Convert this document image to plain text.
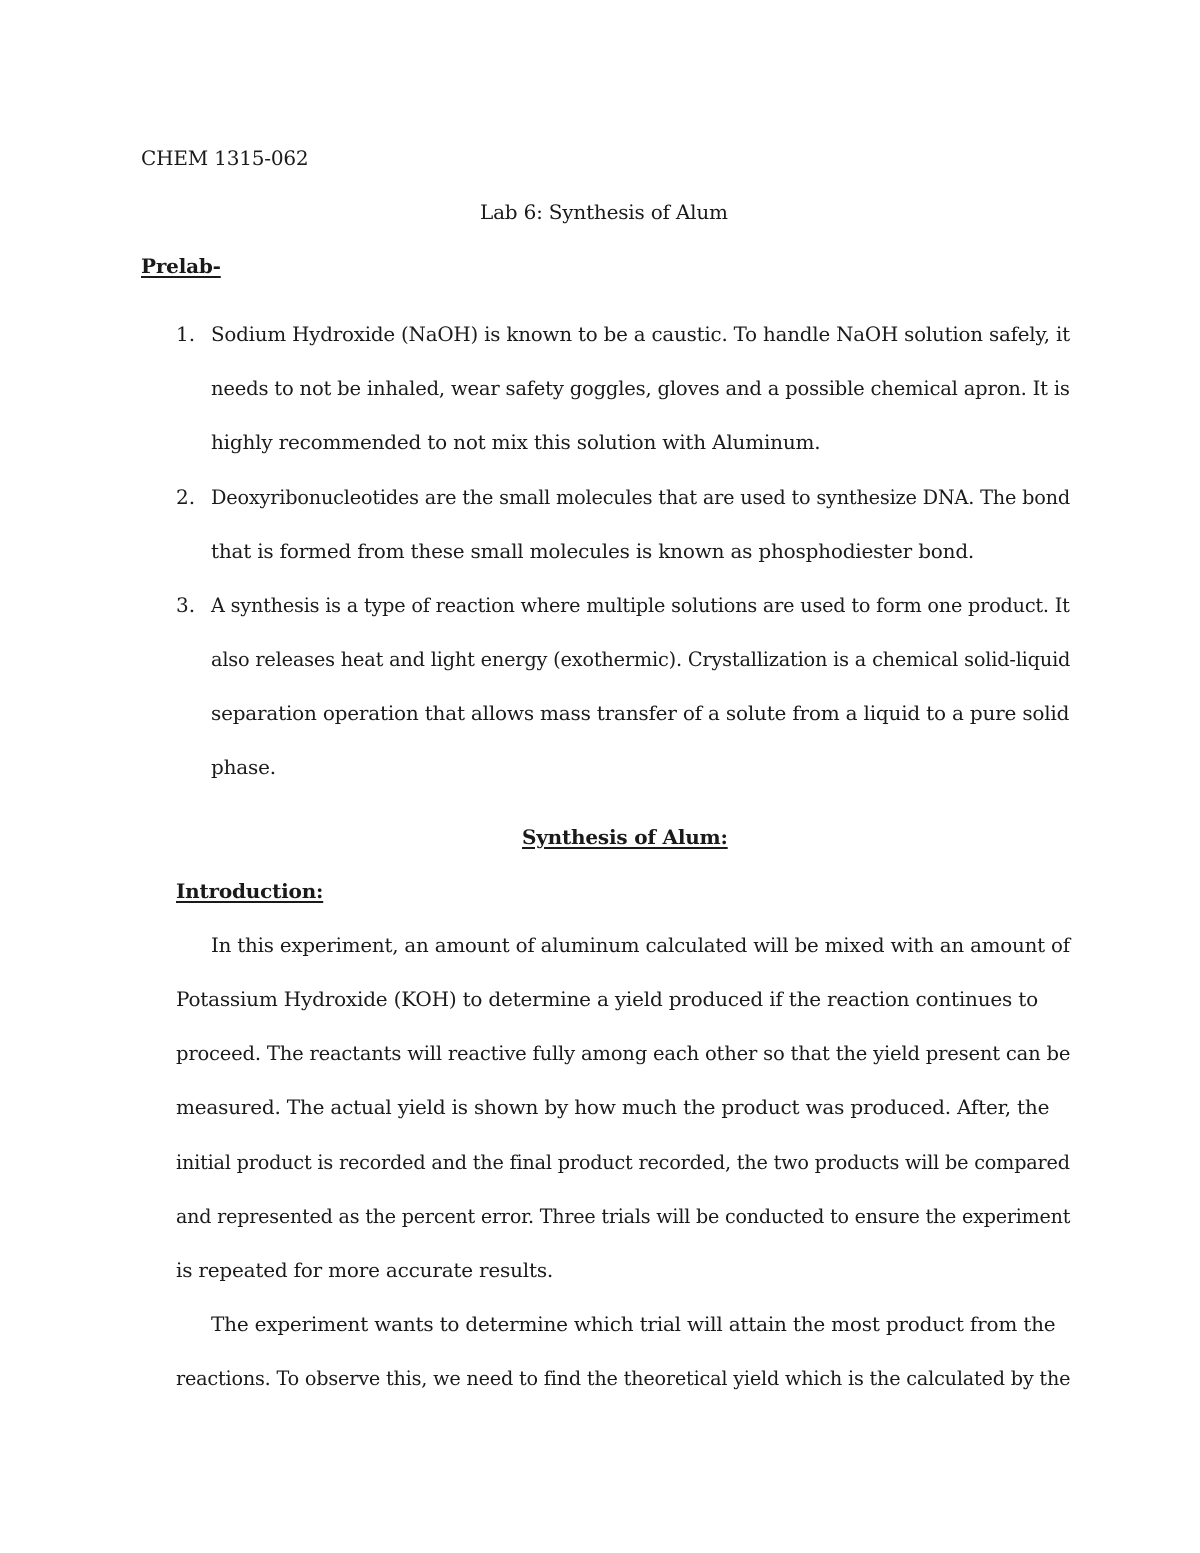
CHEM 1315-062
Lab 6: Synthesis of Alum
Prelab-
1. Sodium Hydroxide (NaOH) is known to be a caustic. To handle NaOH solution safely, it
needs to not be inhaled, wear safety goggles, gloves and a possible chemical apron. It is
highly recommended to not mix this solution with Aluminum.
2. Deoxyribonucleotides are the small molecules that are used to synthesize DNA. The bond
that is formed from these small molecules is known as phosphodiester bond.
3. A synthesis is a type of reaction where multiple solutions are used to form one product. It
also releases heat and light energy (exothermic). Crystallization is a chemical solid-liquid
separation operation that allows mass transfer of a solute from a liquid to a pure solid
phase.
Synthesis of Alum:
Introduction:
In this experiment, an amount of aluminum calculated will be mixed with an amount of
Potassium Hydroxide (KOH) to determine a yield produced if the reaction continues to
proceed. The reactants will reactive fully among each other so that the yield present can be
measured. The actual yield is shown by how much the product was produced. After, the
initial product is recorded and the final product recorded, the two products will be compared
and represented as the percent error. Three trials will be conducted to ensure the experiment
is repeated for more accurate results.
The experiment wants to determine which trial will attain the most product from the
reactions. To observe this, we need to find the theoretical yield which is the calculated by the
